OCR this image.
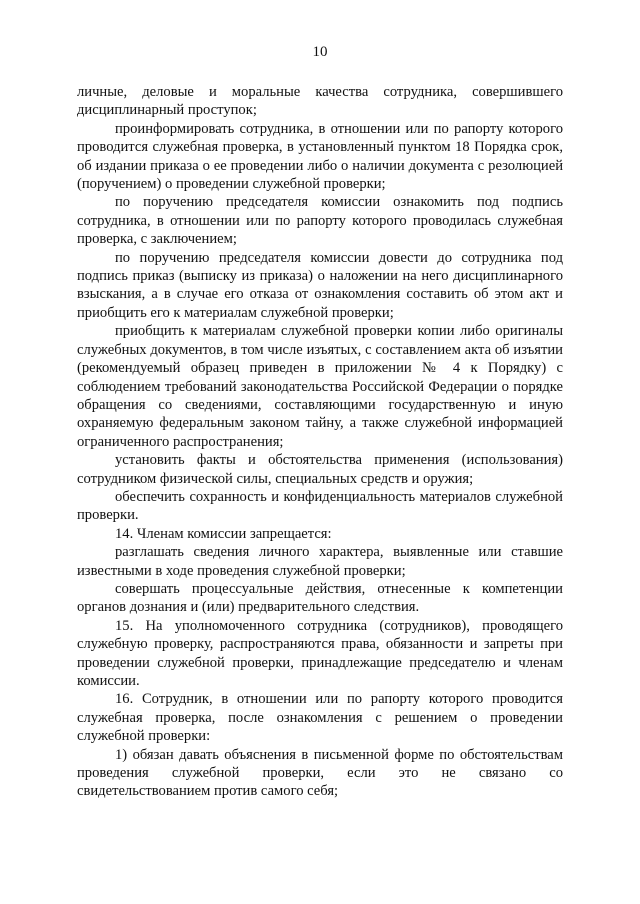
10

личные, деловые и моральные качества сотрудника, совершившего дисциплинарный проступок;

проинформировать сотрудника, в отношении или по рапорту которого проводится служебная проверка, в установленный пунктом 18 Порядка срок, об издании приказа о ее проведении либо о наличии документа с резолюцией (поручением) о проведении служебной проверки;

по поручению председателя комиссии ознакомить под подпись сотрудника, в отношении или по рапорту которого проводилась служебная проверка, с заключением;

по поручению председателя комиссии довести до сотрудника под подпись приказ (выписку из приказа) о наложении на него дисциплинарного взыскания, а в случае его отказа от ознакомления составить об этом акт и приобщить его к материалам служебной проверки;

приобщить к материалам служебной проверки копии либо оригиналы служебных документов, в том числе изъятых, с составлением акта об изъятии (рекомендуемый образец приведен в приложении № 4 к Порядку) с соблюдением требований законодательства Российской Федерации о порядке обращения со сведениями, составляющими государственную и иную охраняемую федеральным законом тайну, а также служебной информацией ограниченного распространения;

установить факты и обстоятельства применения (использования) сотрудником физической силы, специальных средств и оружия;

обеспечить сохранность и конфиденциальность материалов служебной проверки.

14. Членам комиссии запрещается:

разглашать сведения личного характера, выявленные или ставшие известными в ходе проведения служебной проверки;

совершать процессуальные действия, отнесенные к компетенции органов дознания и (или) предварительного следствия.

15. На уполномоченного сотрудника (сотрудников), проводящего служебную проверку, распространяются права, обязанности и запреты при проведении служебной проверки, принадлежащие председателю и членам комиссии.

16. Сотрудник, в отношении или по рапорту которого проводится служебная проверка, после ознакомления с решением о проведении служебной проверки:

1) обязан давать объяснения в письменной форме по обстоятельствам проведения служебной проверки, если это не связано со свидетельствованием против самого себя;
